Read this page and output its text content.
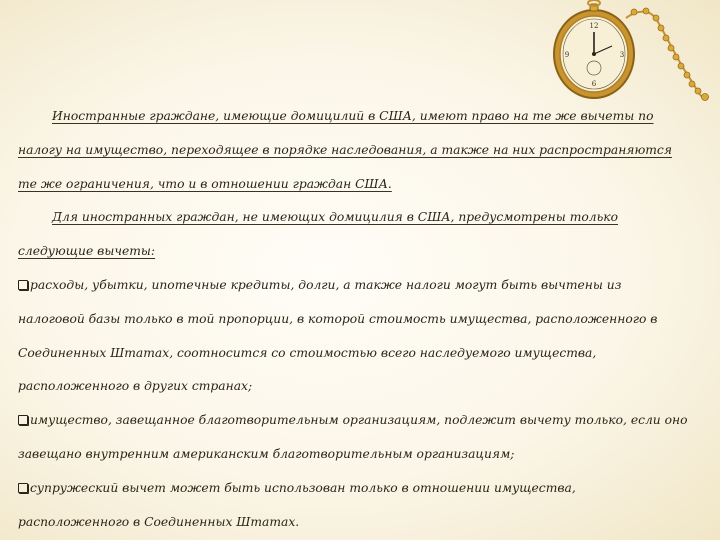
12
3
6
9

Иностранные граждане, имеющие домицилий в США, имеют право на те же вычеты по налогу на имущество, переходящее в порядке наследования, а также на них распространяются те же ограничения, что и в отношении граждан США.

Для иностранных граждан, не имеющих домицилия в США, предусмотрены только следующие вычеты:

расходы, убытки, ипотечные кредиты, долги, а также налоги могут быть вычтены из налоговой базы только в той пропорции, в которой стоимость имущества, расположенного в Соединенных Штатах, соотносится со стоимостью всего наследуемого имущества, расположенного в других странах;

имущество, завещанное благотворительным организациям, подлежит вычету только, если оно завещано внутренним американским благотворительным организациям;

супружеский вычет может быть использован только в отношении имущества, расположенного в Соединенных Штатах.
